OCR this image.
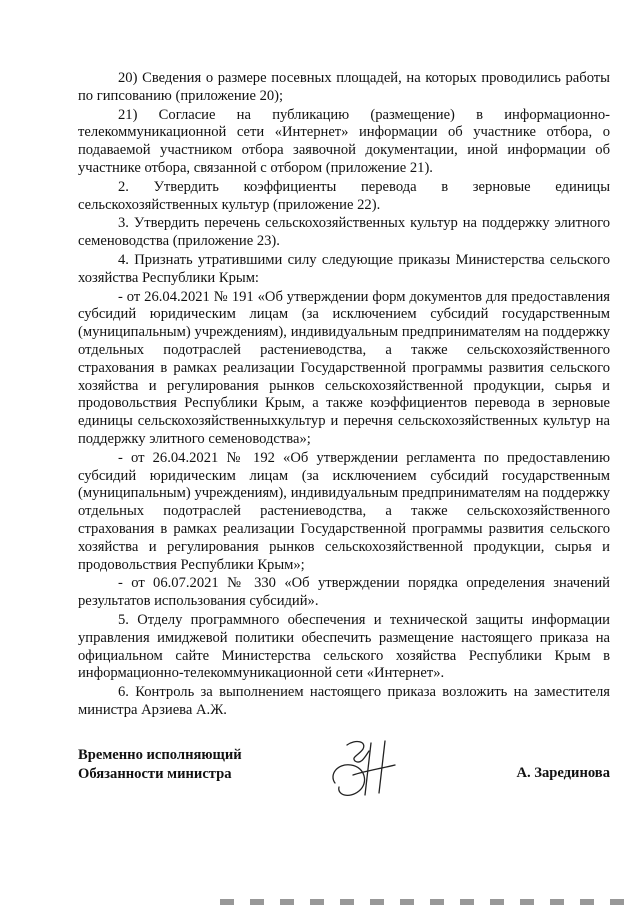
20) Сведения о размере посевных площадей, на которых проводились работы по гипсованию (приложение 20);

21) Согласие на публикацию (размещение) в информационно-телекоммуникационной сети «Интернет» информации об участнике отбора, о подаваемой участником отбора заявочной документации, иной информации об участнике отбора, связанной с отбором (приложение 21).

2. Утвердить коэффициенты перевода в зерновые единицы сельскохозяйственных культур (приложение 22).

3. Утвердить перечень сельскохозяйственных культур на поддержку элитного семеноводства (приложение 23).

4. Признать утратившими силу следующие приказы Министерства сельского хозяйства Республики Крым:

- от 26.04.2021 № 191 «Об утверждении форм документов для предоставления субсидий юридическим лицам (за исключением субсидий государственным (муниципальным) учреждениям), индивидуальным предпринимателям на поддержку отдельных подотраслей растениеводства, а также сельскохозяйственного страхования в рамках реализации Государственной программы развития сельского хозяйства и регулирования рынков сельскохозяйственной продукции, сырья и продовольствия Республики Крым, а также коэффициентов перевода в зерновые единицы сельскохозяйственныхкультур и перечня сельскохозяйственных культур на поддержку элитного семеноводства»;

- от 26.04.2021 № 192 «Об утверждении регламента по предоставлению субсидий юридическим лицам (за исключением субсидий государственным (муниципальным) учреждениям), индивидуальным предпринимателям на поддержку отдельных подотраслей растениеводства, а также сельскохозяйственного страхования в рамках реализации Государственной программы развития сельского хозяйства и регулирования рынков сельскохозяйственной продукции, сырья и продовольствия Республики Крым»;

- от 06.07.2021 № 330 «Об утверждении порядка определения значений результатов использования субсидий».

5. Отделу программного обеспечения и технической защиты информации управления имиджевой политики обеспечить размещение настоящего приказа на официальном сайте Министерства сельского хозяйства Республики Крым в информационно-телекоммуникационной сети «Интернет».

6. Контроль за выполнением настоящего приказа возложить на заместителя министра Арзиева А.Ж.

Временно исполняющий
Обязанности министра	А. Зарединова
